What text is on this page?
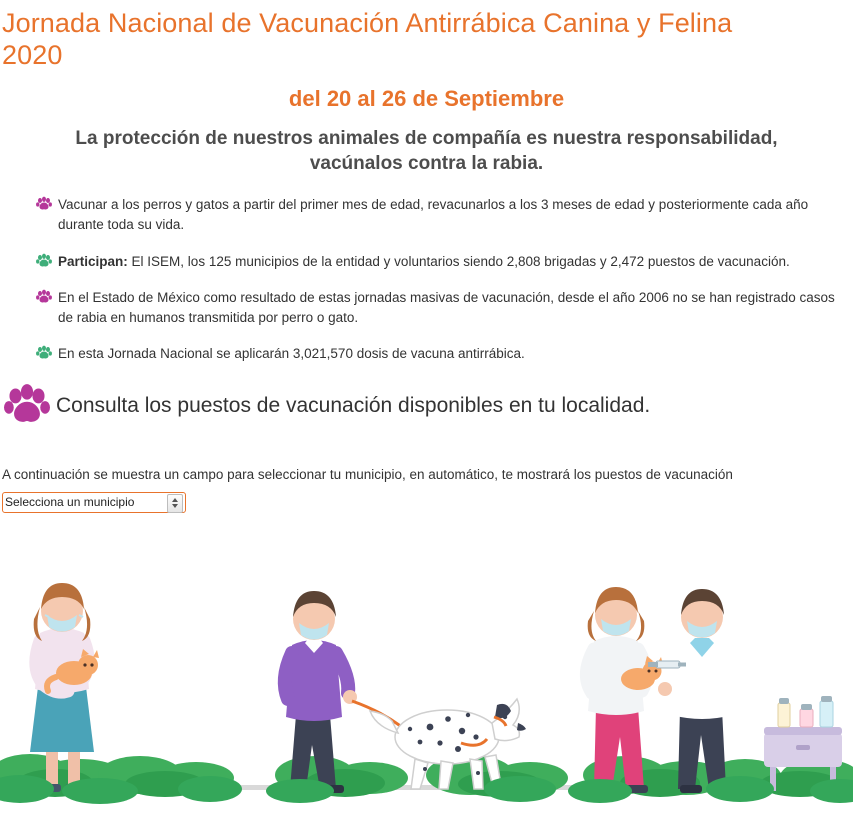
Jornada Nacional de Vacunación Antirrábica Canina y Felina 2020
del 20 al 26 de Septiembre
La protección de nuestros animales de compañía es nuestra responsabilidad, vacúnalos contra la rabia.

Vacunar a los perros y gatos a partir del primer mes de edad, revacunarlos a los 3 meses de edad y posteriormente cada año durante toda su vida.

Participan: El ISEM, los 125 municipios de la entidad y voluntarios siendo 2,808 brigadas y 2,472 puestos de vacunación.

En el Estado de México como resultado de estas jornadas masivas de vacunación, desde el año 2006 no se han registrado casos de rabia en humanos transmitida por perro o gato.

En esta Jornada Nacional se aplicarán 3,021,570 dosis de vacuna antirrábica.

Consulta los puestos de vacunación disponibles en tu localidad.
A continuación se muestra un campo para seleccionar tu municipio, en automático, te mostrará los puestos de vacunación
Selecciona un municipio
